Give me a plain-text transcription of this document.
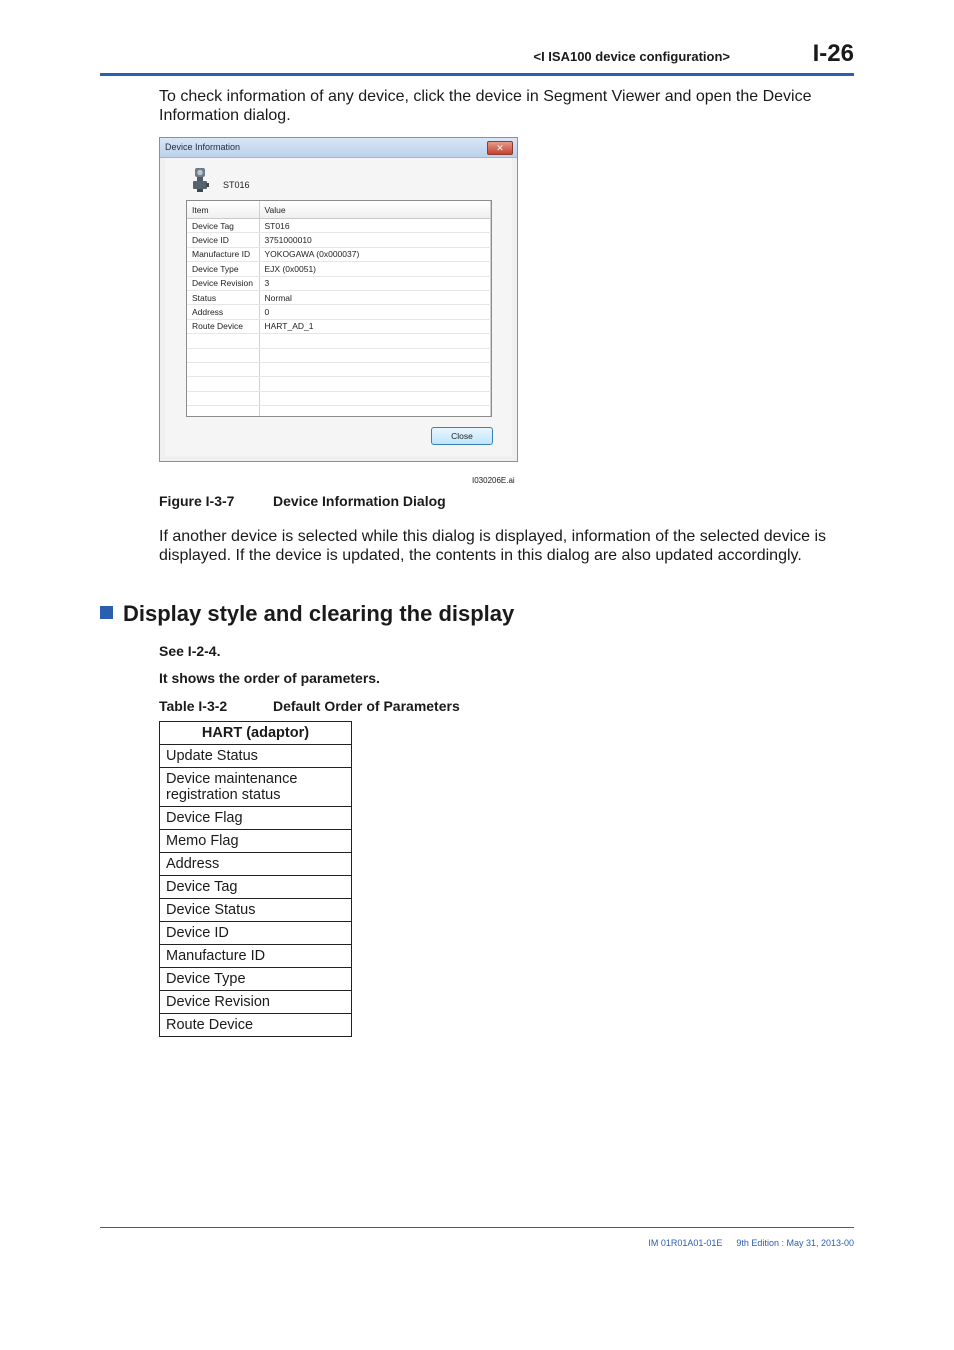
<I ISA100 device configuration>	I-26
To check information of any device, click the device in Segment Viewer and open the Device Information dialog.
Device Information	✕
ST016
Item	Value
Device Tag	ST016
Device ID	3751000010
Manufacture ID	YOKOGAWA (0x000037)
Device Type	EJX (0x0051)
Device Revision	3
Status	Normal
Address	0
Route Device	HART_AD_1

Close
I030206E.ai
Figure I-3-7	Device Information Dialog
If another device is selected while this dialog is displayed, information of the selected device is displayed. If the device is updated, the contents in this dialog are also updated accordingly.
Display style and clearing the display
See I-2-4.
It shows the order of parameters.
Table I-3-2	Default Order of Parameters
HART (adaptor)
Update Status
Device maintenance registration status
Device Flag
Memo Flag
Address
Device Tag
Device Status
Device ID
Manufacture ID
Device Type
Device Revision
Route Device
IM 01R01A01-01E 9th Edition : May 31, 2013-00
